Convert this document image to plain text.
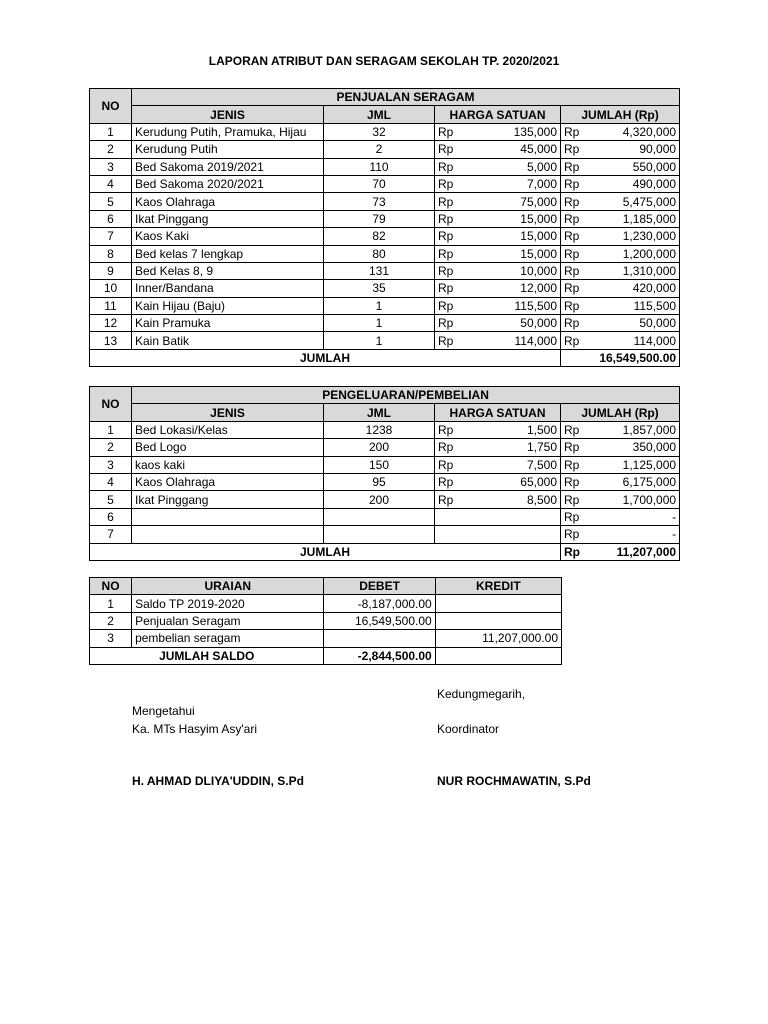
LAPORAN ATRIBUT DAN SERAGAM SEKOLAH TP. 2020/2021
NO	PENJUALAN SERAGAM					
	JENIS	JML	HARGA SATUAN		JUMLAH (Rp)	
1	Kerudung Putih, Pramuka, Hijau	32	Rp	135,000	Rp	4,320,000
2	Kerudung Putih	2	Rp	45,000	Rp	90,000
3	Bed Sakoma 2019/2021	110	Rp	5,000	Rp	550,000
4	Bed Sakoma 2020/2021	70	Rp	7,000	Rp	490,000
5	Kaos Olahraga	73	Rp	75,000	Rp	5,475,000
6	Ikat Pinggang	79	Rp	15,000	Rp	1,185,000
7	Kaos Kaki	82	Rp	15,000	Rp	1,230,000
8	Bed kelas 7 lengkap	80	Rp	15,000	Rp	1,200,000
9	Bed Kelas 8, 9	131	Rp	10,000	Rp	1,310,000
10	Inner/Bandana	35	Rp	12,000	Rp	420,000
11	Kain Hijau (Baju)	1	Rp	115,500	Rp	115,500
12	Kain Pramuka	1	Rp	50,000	Rp	50,000
13	Kain Batik	1	Rp	114,000	Rp	114,000
JUMLAH					16,549,500.00	
NO	PENGELUARAN/PEMBELIAN					
	JENIS	JML	HARGA SATUAN		JUMLAH (Rp)	
1	Bed Lokasi/Kelas	1238	Rp	1,500	Rp	1,857,000
2	Bed Logo	200	Rp	1,750	Rp	350,000
3	kaos kaki	150	Rp	7,500	Rp	1,125,000
4	Kaos Olahraga	95	Rp	65,000	Rp	6,175,000
5	Ikat Pinggang	200	Rp	8,500	Rp	1,700,000
6					Rp	-
7					Rp	-
JUMLAH					Rp	11,207,000
NO	URAIAN	DEBET	KREDIT
1	Saldo TP 2019-2020	-8,187,000.00	
2	Penjualan Seragam	16,549,500.00	
3	pembelian seragam		11,207,000.00
JUMLAH SALDO		-2,844,500.00	
Kedungmegarih,
Mengetahui
Ka. MTs Hasyim Asy'ari	Koordinator
H. AHMAD DLIYA'UDDIN, S.Pd	NUR ROCHMAWATIN, S.Pd
